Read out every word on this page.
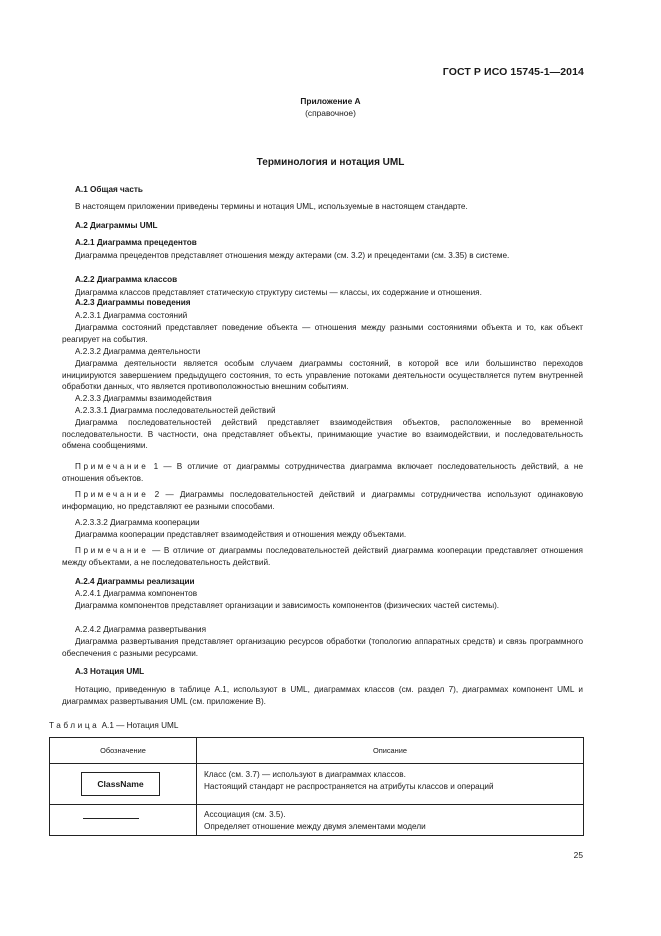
ГОСТ Р ИСО 15745-1—2014
Приложение А
(справочное)
Терминология и нотация UML
А.1 Общая часть
В настоящем приложении приведены термины и нотация UML, используемые в настоящем стандарте.
А.2 Диаграммы UML
А.2.1 Диаграмма прецедентов
Диаграмма прецедентов представляет отношения между актерами (см. 3.2) и прецедентами (см. 3.35) в системе.
А.2.2 Диаграмма классов
Диаграмма классов представляет статическую структуру системы — классы, их содержание и отношения.
А.2.3 Диаграммы поведения
А.2.3.1 Диаграмма состояний
Диаграмма состояний представляет поведение объекта — отношения между разными состояниями объекта и то, как объект реагирует на события.
А.2.3.2 Диаграмма деятельности
Диаграмма деятельности является особым случаем диаграммы состояний, в которой все или большинство переходов инициируются завершением предыдущего состояния, то есть управление потоками деятельности осуществляется путем внутренней обработки данных, что является противоположностью внешним событиям.
А.2.3.3 Диаграммы взаимодействия
А.2.3.3.1 Диаграмма последовательностей действий
Диаграмма последовательностей действий представляет взаимодействия объектов, расположенные во временной последовательности. В частности, она представляет объекты, принимающие участие во взаимодействии, и последовательность обмена сообщениями.
Примечание 1 — В отличие от диаграммы сотрудничества диаграмма включает последовательность действий, а не отношения объектов.
Примечание 2 — Диаграммы последовательностей действий и диаграммы сотрудничества используют одинаковую информацию, но представляют ее разными способами.
А.2.3.3.2 Диаграмма кооперации
Диаграмма кооперации представляет взаимодействия и отношения между объектами.
Примечание — В отличие от диаграммы последовательностей действий диаграмма кооперации представляет отношения между объектами, а не последовательность действий.
А.2.4 Диаграммы реализации
А.2.4.1 Диаграмма компонентов
Диаграмма компонентов представляет организации и зависимость компонентов (физических частей системы).
А.2.4.2 Диаграмма развертывания
Диаграмма развертывания представляет организацию ресурсов обработки (топологию аппаратных средств) и связь программного обеспечения с разными ресурсами.
А.3 Нотация UML
Нотацию, приведенную в таблице А.1, используют в UML, диаграммах классов (см. раздел 7), диаграммах компонент UML и диаграммах развертывания UML (см. приложение В).
Таблица А.1 — Нотация UML
Обозначение	Описание

ClassName	Класс (см. 3.7) — используют в диаграммах классов.
Настоящий стандарт не распространяется на атрибуты классов и операций

	Ассоциация (см. 3.5).
Определяет отношение между двумя элементами модели
25
